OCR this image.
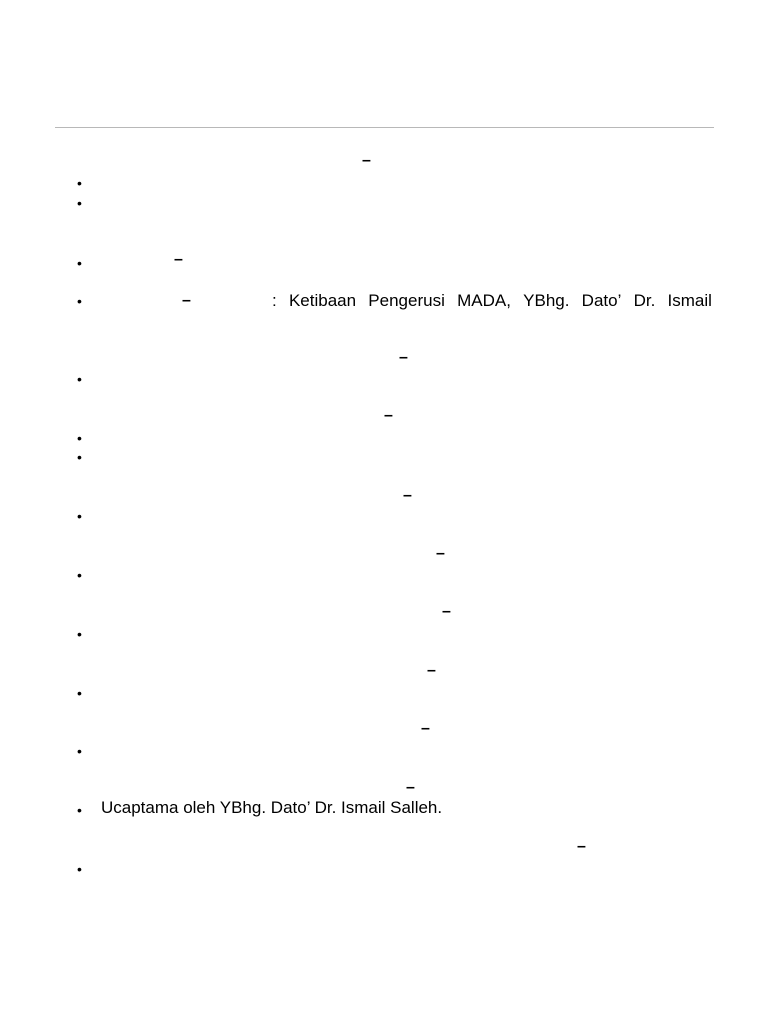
–
–
–
–
–
–
–
–
–
–
–
–
•
•
•
•
•
•
•
•
•
•
•
•
•
•
: Ketibaan Pengerusi MADA, YBhg. Dato’ Dr. Ismail
Ucaptama oleh YBhg. Dato’ Dr. Ismail Salleh.
